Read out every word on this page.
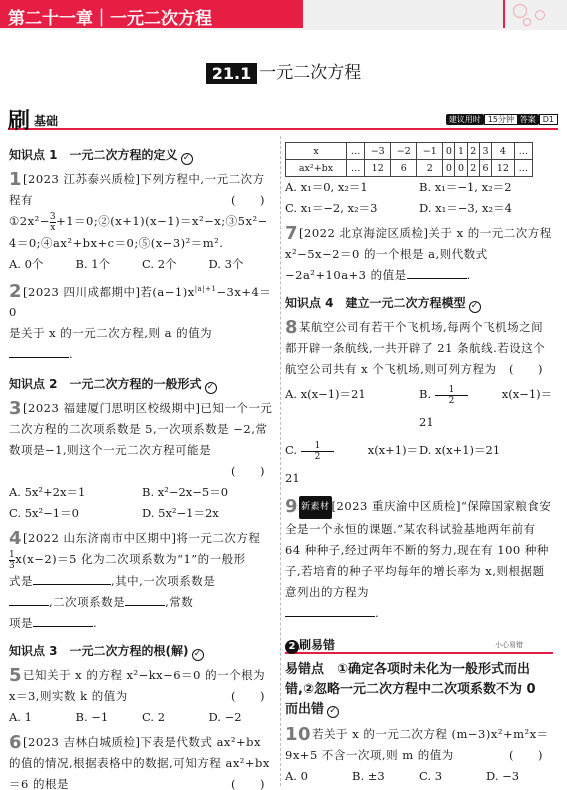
第二十一章｜一元二次方程
21.1 一元二次方程
刷 基础	建议用时 15分钟 答案 D1
知识点 1　一元二次方程的定义 ✓
1[2023 江苏泰兴质检]下列方程中,一元二次方程有	(　　)

①2x²− $\frac{3}{x}$ +1＝0;②(x+1)(x−1)＝x²−x;③5x²−
4＝0;④ax²+bx+c＝0;⑤(x−3)²＝m².
A. 0个	B. 1个	C. 2个	D. 3个
2[2023 四川成都期中]若$(a-1)x^{|a|+1}-3x+4=0$
是关于 x 的一元二次方程,则 a 的值为
.
知识点 2　一元二次方程的一般形式 ✓
3[2023 福建厦门思明区校级期中]已知一个一元二次方程的二次项系数是 5,一次项系数是 −2,常数项是−1,则这个一元二次方程可能是
(　　)
A. 5x²+2x＝1	B. x²−2x−5＝0
C. 5x²−1＝0	D. 5x²−1＝2x
4[2022 山东济南市中区期中]将一元二次方程

$\frac{1}{3} x(x-2)=5$ 化为二次项系数为“1”的一般形
式是	,其中,一次项系数是
,二次项系数是	,常数
项是	.
知识点 3　一元二次方程的根(解) ✓
5已知关于 x 的方程 x²−kx−6＝0 的一个根为 x＝3,则实数 k 的值为	(　　)
A. 1	B. −1	C. 2	D. −2
6[2023 吉林白城质检]下表是代数式 ax²+bx 的值的情况,根据表格中的数据,可知方程 ax²+bx＝6 的根是	(　　)
x	…	−3	−2	−1	0	1	2	3	4	…
ax²+bx	…	12	6	2	0	0	2	6	12	…
A. x₁＝0, x₂＝1	B. x₁＝−1, x₂＝2
C. x₁＝−2, x₂＝3	D. x₁＝−3, x₂＝4
7[2022 北京海淀区质检]关于 x 的一元二次方程 x²−5x−2＝0 的一个根是 a,则代数式 −2a²+10a+3 的值是	.
知识点 4　建立一元二次方程模型 ✓
8某航空公司有若干个飞机场,每两个飞机场之间都开辟一条航线,一共开辟了 21 条航线.若设这个航空公司共有 x 个飞机场,则可列方程为 (　　)
A. x(x−1)＝21	B. $\frac{1}{2} x(x-1)=21$
C. $\frac{1}{2} x(x+1)=21$
D. x(x+1)＝21
9 新素材 [2023 重庆渝中区质检]“保障国家粮食安全是一个永恒的课题.”某农科试验基地两年前有 64 种种子,经过两年不断的努力,现在有 100 种种子,若培育的种子平均每年的增长率为 x,则根据题意列出的方程为
.
2 刷易错	小心易错
易错点　①确定各项时未化为一般形式而出错,②忽略一元二次方程中二次项系数不为 0 而出错 ✓
10若关于 x 的一元二次方程 (m−3)x²+m²x＝9x+5 不含一次项,则 m 的值为	(　　)
A. 0	B. ±3	C. 3	D. −3
